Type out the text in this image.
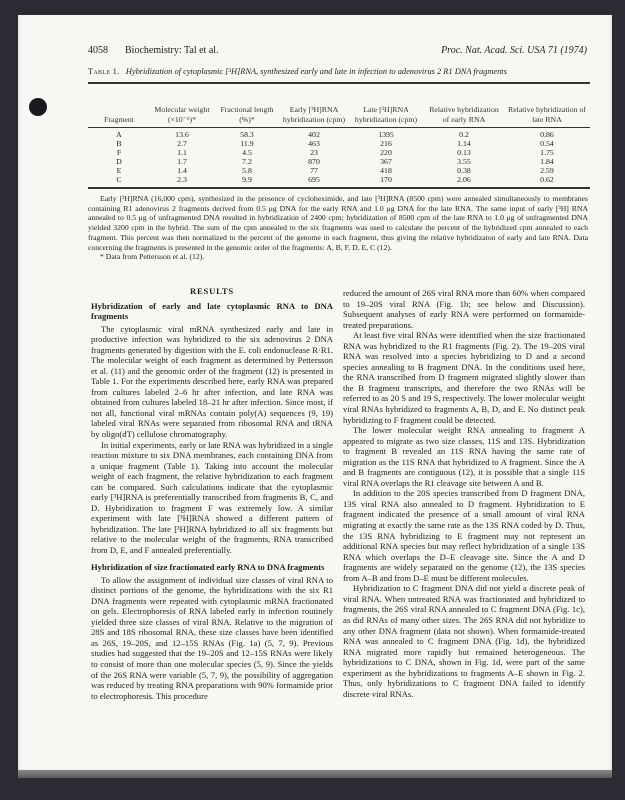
4058 Biochemistry: Tal et al.	Proc. Nat. Acad. Sci. USA 71 (1974)
Table 1. Hybridization of cytoplasmic [³H]RNA, synthesized early and late in infection to adenovirus 2 R1 DNA fragments
Fragment	Molecular weight (×10⁻⁶)*	Fractional length (%)*	Early [³H]RNA hybridization (cpm)	Late [³H]RNA hybridization (cpm)	Relative hybridization of early RNA	Relative hybridization of late RNA
A	13.6	58.3	402	1395	0.2	0.86
B	2.7	11.9	463	216	1.14	0.54
F	1.1	4.5	23	220	0.13	1.75
D	1.7	7.2	870	367	3.55	1.84
E	1.4	5.8	77	418	0.38	2.59
C	2.3	9.9	695	170	2.06	0.62

Early [³H]RNA (16,000 cpm), synthesized in the presence of cycloheximide, and late [³H]RNA (8500 cpm) were annealed simultaneously to membranes containing R1 adenovirus 2 fragments derived from 0.5 μg DNA for the early RNA and 1.0 μg DNA for the late RNA. The same input of early [³H] RNA annealed to 0.5 μg of unfragmented DNA resulted in hybridization of 2400 cpm; hybridization of 8500 cpm of the late RNA to 1.0 μg of unfragmented DNA yielded 3200 cpm in the hybrid. The sum of the cpm annealed to the six fragments was used to calculate the percent of the hybridized cpm annealed to each fragment. This percent was then normalized to the percent of the genome in each fragment, thus giving the relative hybridizaton of early and late RNA. Data concerning the fragments is presented in the genomic order of the fragments: A, B, F, D, E, C (12).

* Data from Pettersson et al. (12).

RESULTS
Hybridization of early and late cytoplasmic RNA to DNA fragments

The cytoplasmic viral mRNA synthesized early and late in productive infection was hybridized to the six adenovirus 2 DNA fragments generated by digestion with the E. coli endonuclease R·R1. The molecular weight of each fragment as determined by Pettersson et al. (11) and the genomic order of the fragment (12) is presented in Table 1. For the experiments described here, early RNA was prepared from cultures labeled 2–6 hr after infection, and late RNA was obtained from cultures labeled 18–21 hr after infection. Since most, if not all, functional viral mRNAs contain poly(A) sequences (9, 19) labeled viral RNAs were separated from ribosomal RNA and tRNA by oligo(dT) cellulose chromatography.

In initial experiments, early or late RNA was hybridized in a single reaction mixture to six DNA membranes, each containing DNA from a unique fragment (Table 1). Taking into account the molecular weight of each fragment, the relative hybridization to each fragment can be compared. Such calculations indicate that the cytoplasmic early [³H]RNA is preferentially transcribed from fragments B, C, and D. Hybridization to fragment F was extremely low. A similar experiment with late [³H]RNA showed a different pattern of hybridization. The late [³H]RNA hybridized to all six fragments but relative to the molecular weight of the fragments, RNA transcribed from D, E, and F annealed preferentially.

Hybridization of size fractionated early RNA to DNA fragments

To allow the assignment of individual size classes of viral RNA to distinct portions of the genome, the hybridizations with the six R1 DNA fragments were repeated with cytoplasmic mRNA fractionated on gels. Electrophoresis of RNA labeled early in infection routinely yielded three size classes of viral RNA. Relative to the migration of 28S and 18S ribosomal RNA, these size classes have been identified as 26S, 19–20S, and 12–15S RNAs (Fig. 1a) (5, 7, 9). Previous studies had suggested that the 19–20S and 12–15S RNAs were likely to consist of more than one molecular species (5, 9). Since the yields of the 26S RNA were variable (5, 7, 9), the possibility of aggregation was reduced by treating RNA preparations with 90% formamide prior to electrophoresis. This procedure

reduced the amount of 26S viral RNA more than 60% when compared to 19–20S viral RNA (Fig. 1b; see below and Discussion). Subsequent analyses of early RNA were performed on formamide-treated preparations.

At least five viral RNAs were identified when the size fractionated RNA was hybridized to the R1 fragments (Fig. 2). The 19–20S viral RNA was resolved into a species hybridizing to D and a second species annealing to B fragment DNA. In the conditions used here, the RNA transcribed from D fragment migrated slightly slower than the B fragment transcripts, and therefore the two RNAs will be referred to as 20 S and 19 S, respectively. The lower molecular weight viral RNAs hybridized to fragments A, B, D, and E. No distinct peak hybridizing to F fragment could be detected.

The lower molecular weight RNA annealing to fragment A appeared to migrate as two size classes, 11S and 13S. Hybridization to fragment B revealed an 11S RNA having the same rate of migration as the 11S RNA that hybridized to A fragment. Since the A and B fragments are contiguous (12), it is possible that a single 11S viral RNA overlaps the R1 cleavage site between A and B.

In addition to the 20S species transcribed from D fragment DNA, 13S viral RNA also annealed to D fragment. Hybridization to E fragment indicated the presence of a small amount of viral RNA migrating at exactly the same rate as the 13S RNA coded by D. Thus, the 13S RNA hybridizing to E fragment may not represent an additional RNA species but may reflect hybridization of a single 13S RNA which overlaps the D–E cleavage site. Since the A and D fragments are widely separated on the genome (12), the 13S species from A–B and from D–E must be different molecules.

Hybridization to C fragment DNA did not yield a discrete peak of viral RNA. When untreated RNA was fractionated and hybridized to fragments, the 26S viral RNA annealed to C fragment DNA (Fig. 1c), as did RNAs of many other sizes. The 26S RNA did not hybridize to any other DNA fragment (data not shown). When formamide-treated RNA was annealed to C fragment DNA (Fig. 1d), the hybridized RNA migrated more rapidly but remained heterogeneous. The hybridizations to C DNA, shown in Fig. 1d, were part of the same experiment as the hybridizations to fragments A–E shown in Fig. 2. Thus, only hybridizations to C fragment DNA failed to identify discrete viral RNAs.
